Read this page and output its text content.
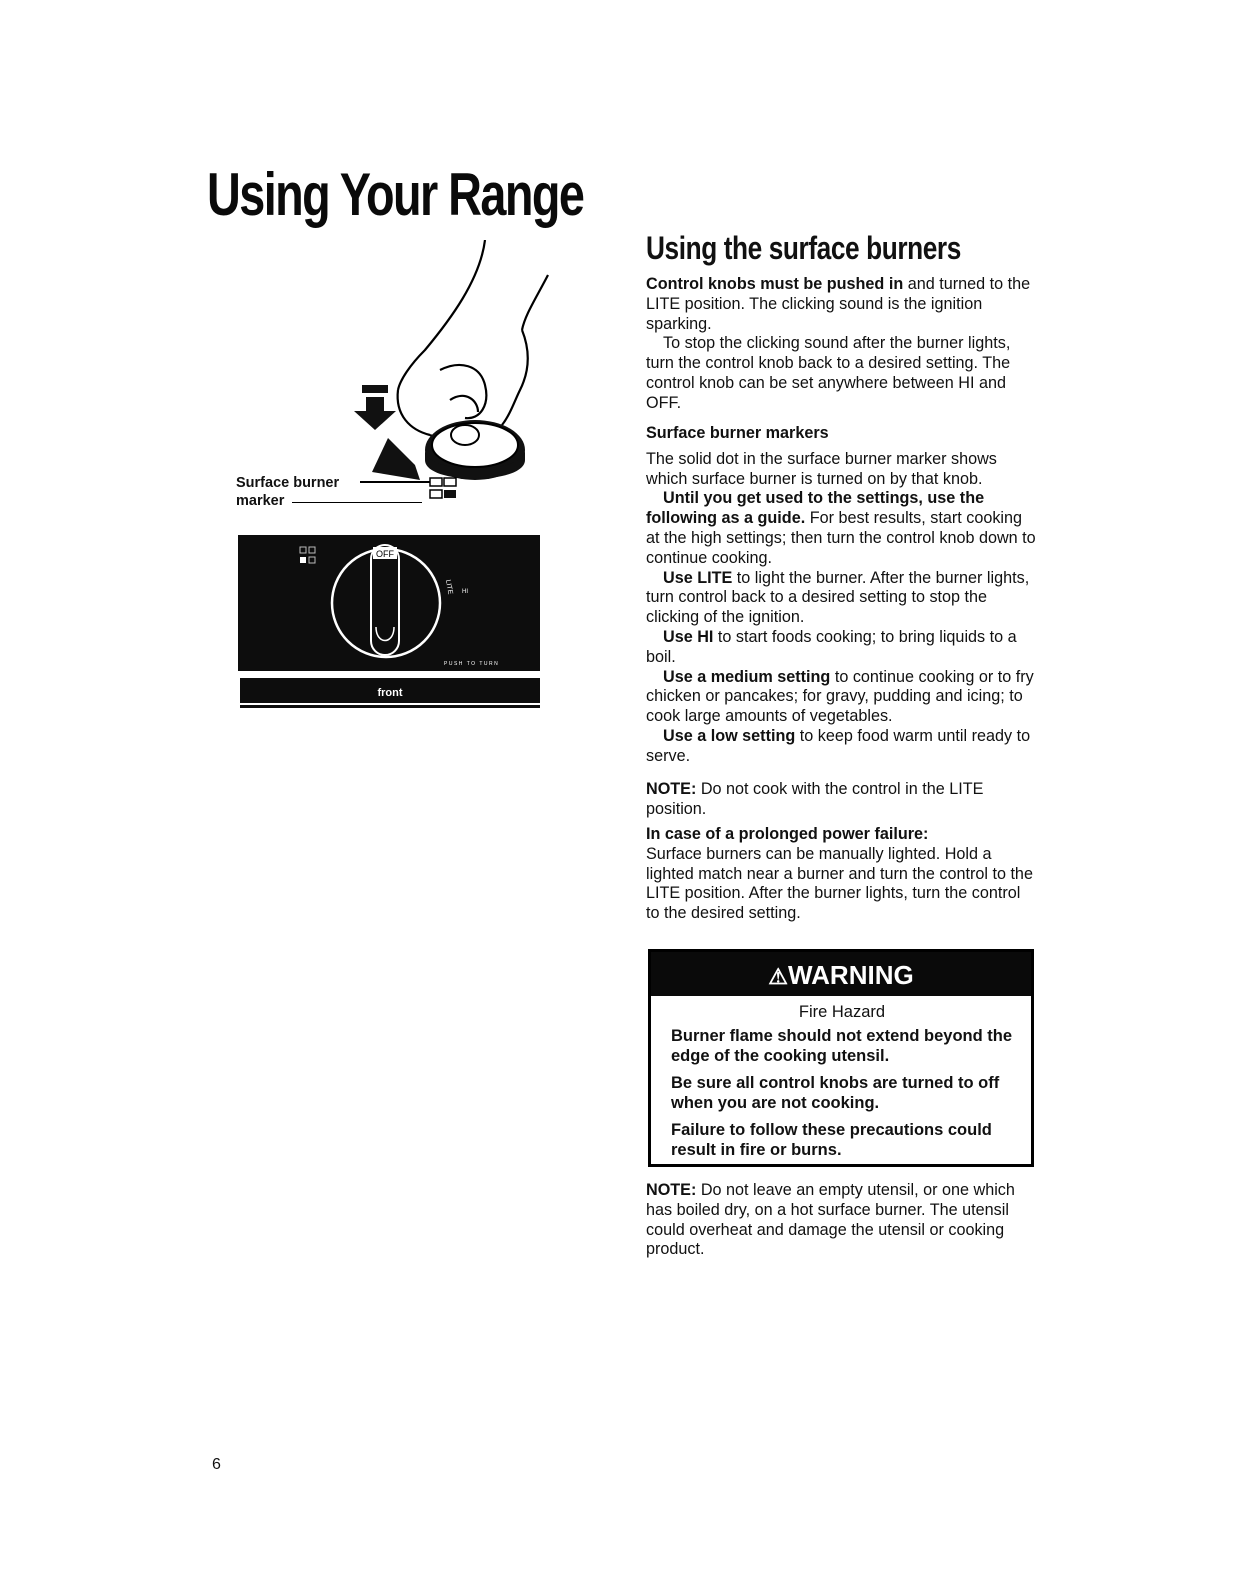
Using Your Range
Surface burner
marker
OFF
LITE HI
PUSH TO TURN
front
Using the surface burners

Control knobs must be pushed in and turned to the LITE position. The clicking sound is the ignition sparking.

To stop the clicking sound after the burner lights, turn the control knob back to a desired setting. The control knob can be set anywhere between HI and OFF.

Surface burner markers

The solid dot in the surface burner marker shows which surface burner is turned on by that knob.

Until you get used to the settings, use the following as a guide. For best results, start cooking at the high settings; then turn the control knob down to continue cooking.

Use LITE to light the burner. After the burner lights, turn control back to a desired setting to stop the clicking of the ignition.

Use HI to start foods cooking; to bring liquids to a boil.

Use a medium setting to continue cooking or to fry chicken or pancakes; for gravy, pudding and icing; to cook large amounts of vegetables.

Use a low setting to keep food warm until ready to serve.

NOTE: Do not cook with the control in the LITE position.

In case of a prolonged power failure:

Surface burners can be manually lighted. Hold a lighted match near a burner and turn the control to the LITE position. After the burner lights, turn the control to the desired setting.

⚠WARNING

Fire Hazard

Burner flame should not extend beyond the edge of the cooking utensil.

Be sure all control knobs are turned to off when you are not cooking.

Failure to follow these precautions could result in fire or burns.

NOTE: Do not leave an empty utensil, or one which has boiled dry, on a hot surface burner. The utensil could overheat and damage the utensil or cooking product.

6
